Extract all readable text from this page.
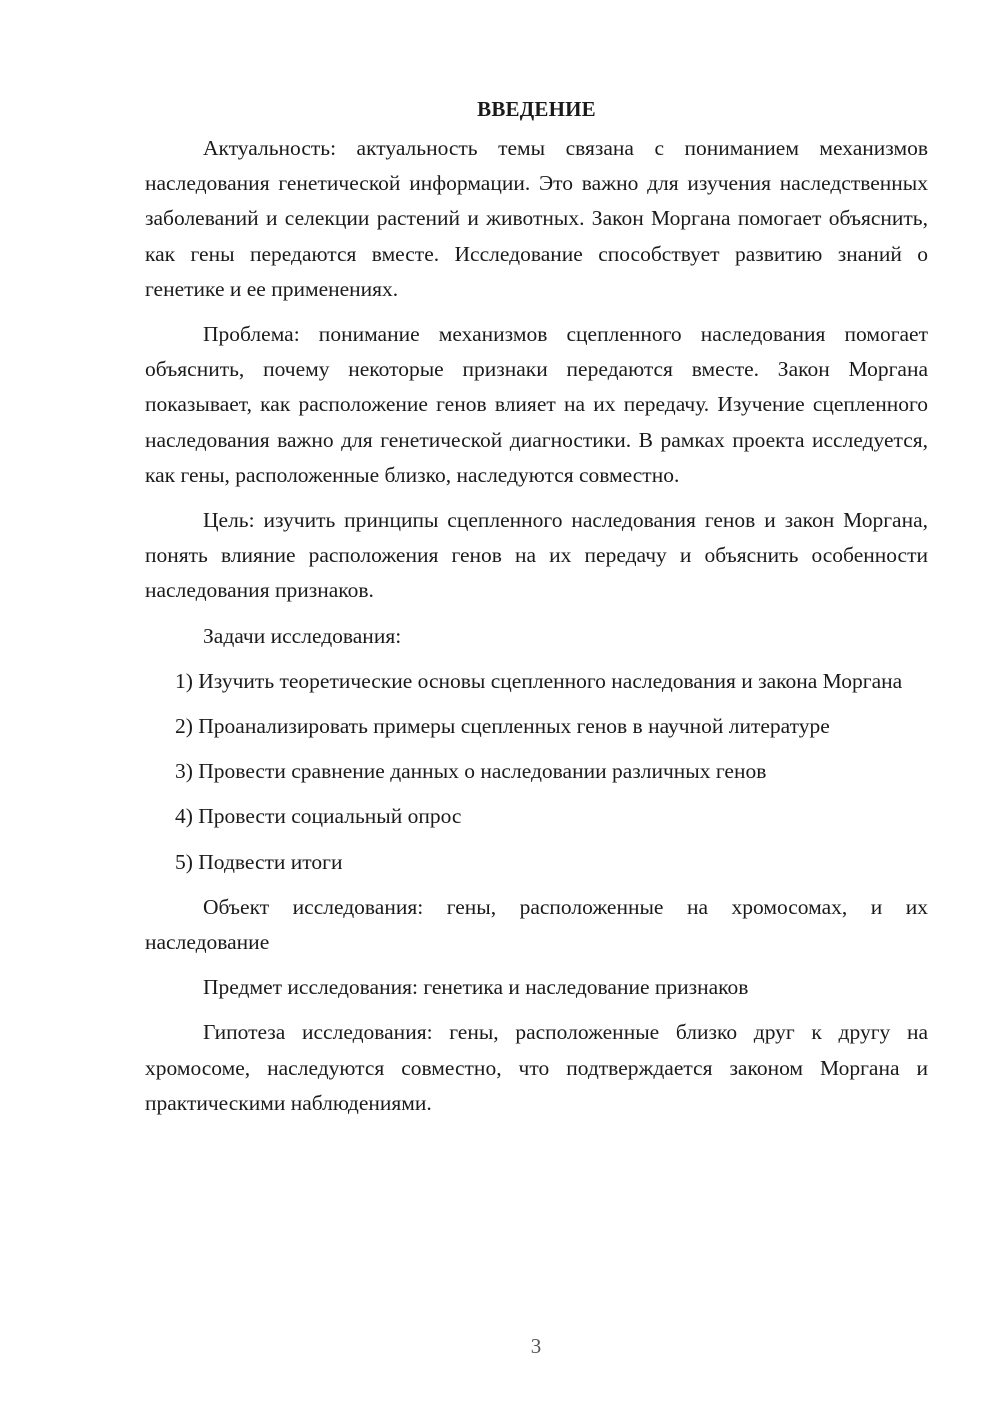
ВВЕДЕНИЕ

Актуальность: актуальность темы связана с пониманием механизмов наследования генетической информации. Это важно для изучения наследственных заболеваний и селекции растений и животных. Закон Моргана помогает объяснить, как гены передаются вместе. Исследование способствует развитию знаний о генетике и ее применениях.

Проблема: понимание механизмов сцепленного наследования помогает объяснить, почему некоторые признаки передаются вместе. Закон Моргана показывает, как расположение генов влияет на их передачу. Изучение сцепленного наследования важно для генетической диагностики. В рамках проекта исследуется, как гены, расположенные близко, наследуются совместно.

Цель: изучить принципы сцепленного наследования генов и закон Моргана, понять влияние расположения генов на их передачу и объяснить особенности наследования признаков.

Задачи исследования:

1) Изучить теоретические основы сцепленного наследования и закона Моргана

2) Проанализировать примеры сцепленных генов в научной литературе

3) Провести сравнение данных о наследовании различных генов

4) Провести социальный опрос

5) Подвести итоги

Объект исследования: гены, расположенные на хромосомах, и их наследование

Предмет исследования: генетика и наследование признаков

Гипотеза исследования: гены, расположенные близко друг к другу на хромосоме, наследуются совместно, что подтверждается законом Моргана и практическими наблюдениями.

3
